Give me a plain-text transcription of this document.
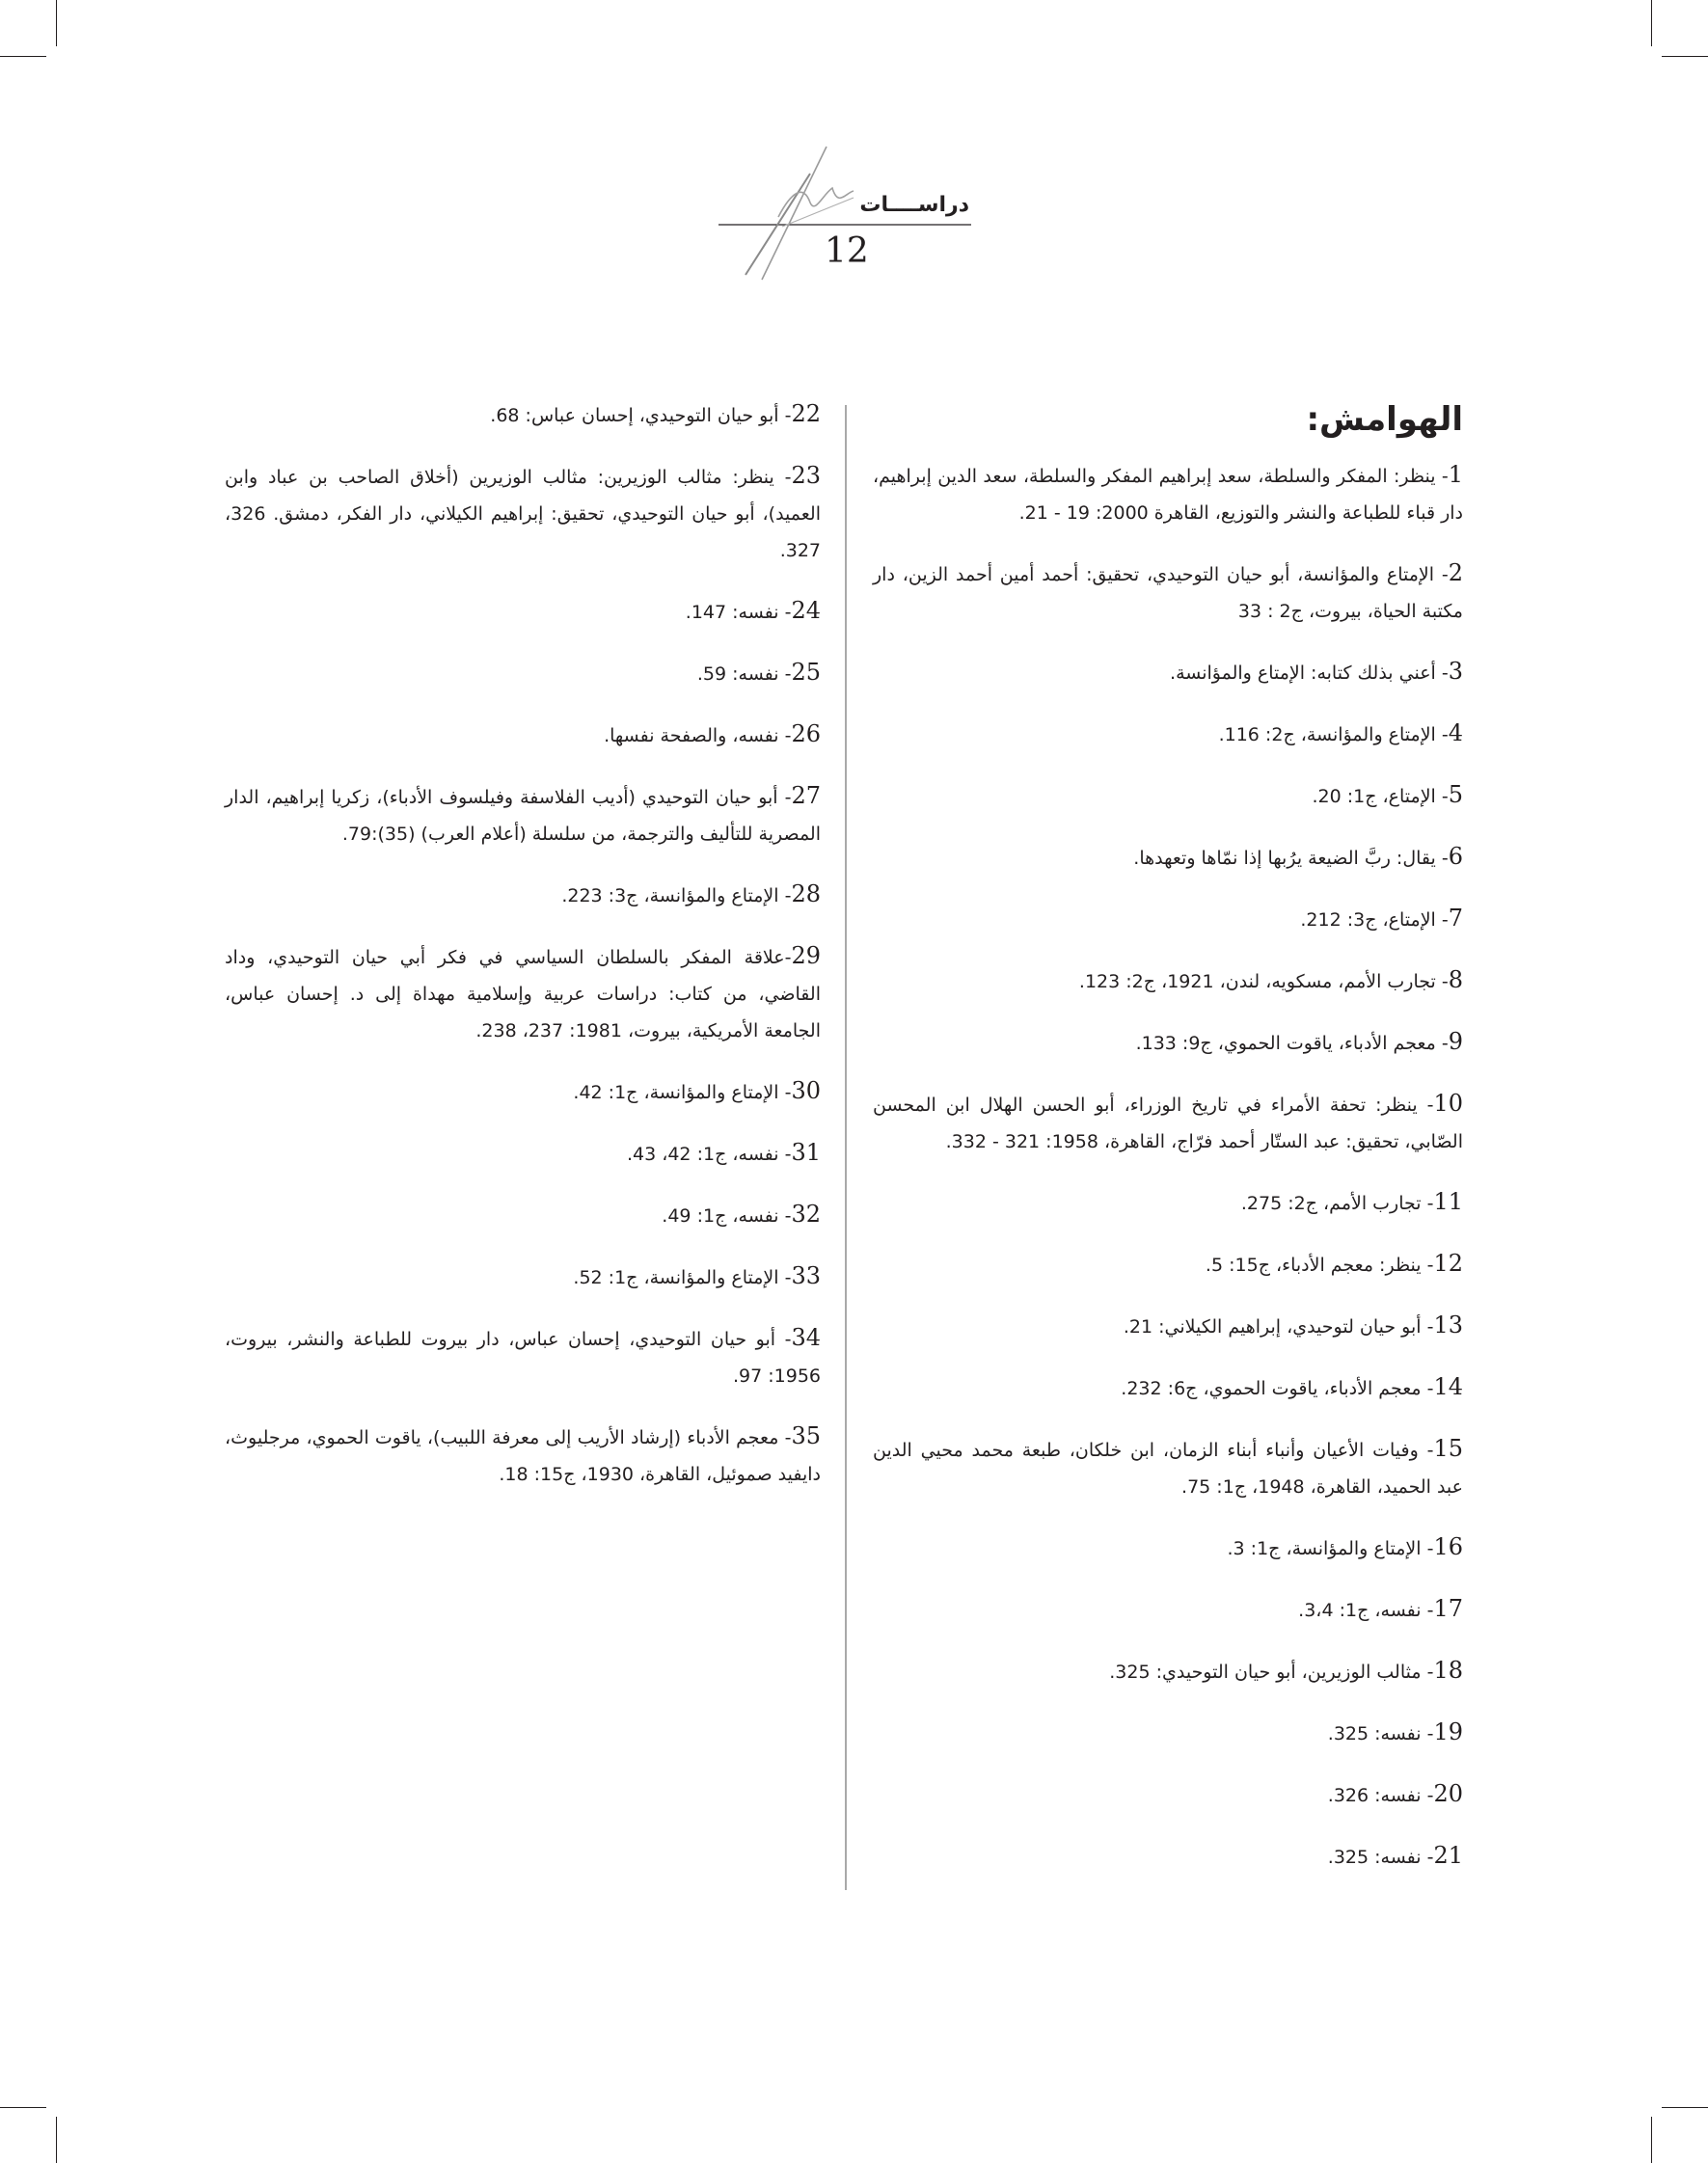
دراســــات
12
الهوامش:

1- ينظر: المفكر والسلطة، سعد إبراهيم المفكر والسلطة، سعد الدين إبراهيم، دار قباء للطباعة والنشر والتوزيع، القاهرة 2000: 19 - 21.

2- الإمتاع والمؤانسة، أبو حيان التوحيدي، تحقيق: أحمد أمين أحمد الزين، دار مكتبة الحياة، بيروت، ج2 : 33

3- أعني بذلك كتابه: الإمتاع والمؤانسة.

4- الإمتاع والمؤانسة، ج2: 116.

5- الإمتاع، ج1: 20.

6- يقال: ربَّ الضيعة يرُبها إذا نمّاها وتعهدها.

7- الإمتاع، ج3: 212.

8- تجارب الأمم، مسكويه، لندن، 1921، ج2: 123.

9- معجم الأدباء، ياقوت الحموي، ج9: 133.

10- ينظر: تحفة الأمراء في تاريخ الوزراء، أبو الحسن الهلال ابن المحسن الصّابي، تحقيق: عبد الستّار أحمد فرّاج، القاهرة، 1958: 321 - 332.

11- تجارب الأمم، ج2: 275.

12- ينظر: معجم الأدباء، ج15: 5.

13- أبو حيان لتوحيدي، إبراهيم الكيلاني: 21.

14- معجم الأدباء، ياقوت الحموي، ج6: 232.

15- وفيات الأعيان وأنباء أبناء الزمان، ابن خلكان، طبعة محمد محيي الدين عبد الحميد، القاهرة، 1948، ج1: 75.

16- الإمتاع والمؤانسة، ج1: 3.

17- نفسه، ج1: 3،4.

18- مثالب الوزيرين، أبو حيان التوحيدي: 325.

19- نفسه: 325.

20- نفسه: 326.

21- نفسه: 325.

22- أبو حيان التوحيدي، إحسان عباس: 68.

23- ينظر: مثالب الوزيرين: مثالب الوزيرين (أخلاق الصاحب بن عباد وابن العميد)، أبو حيان التوحيدي، تحقيق: إبراهيم الكيلاني، دار الفكر، دمشق. 326، 327.

24- نفسه: 147.

25- نفسه: 59.

26- نفسه، والصفحة نفسها.

27- أبو حيان التوحيدي (أديب الفلاسفة وفيلسوف الأدباء)، زكريا إبراهيم، الدار المصرية للتأليف والترجمة، من سلسلة (أعلام العرب) (35):79.

28- الإمتاع والمؤانسة، ج3: 223.

29-علاقة المفكر بالسلطان السياسي في فكر أبي حيان التوحيدي، وداد القاضي، من كتاب: دراسات عربية وإسلامية مهداة إلى د. إحسان عباس، الجامعة الأمريكية، بيروت، 1981: 237، 238.

30- الإمتاع والمؤانسة، ج1: 42.

31- نفسه، ج1: 42، 43.

32- نفسه، ج1: 49.

33- الإمتاع والمؤانسة، ج1: 52.

34- أبو حيان التوحيدي، إحسان عباس، دار بيروت للطباعة والنشر، بيروت، 1956: 97.

35- معجم الأدباء (إرشاد الأريب إلى معرفة اللبيب)، ياقوت الحموي، مرجليوث، دايفيد صموئيل، القاهرة، 1930، ج15: 18.
